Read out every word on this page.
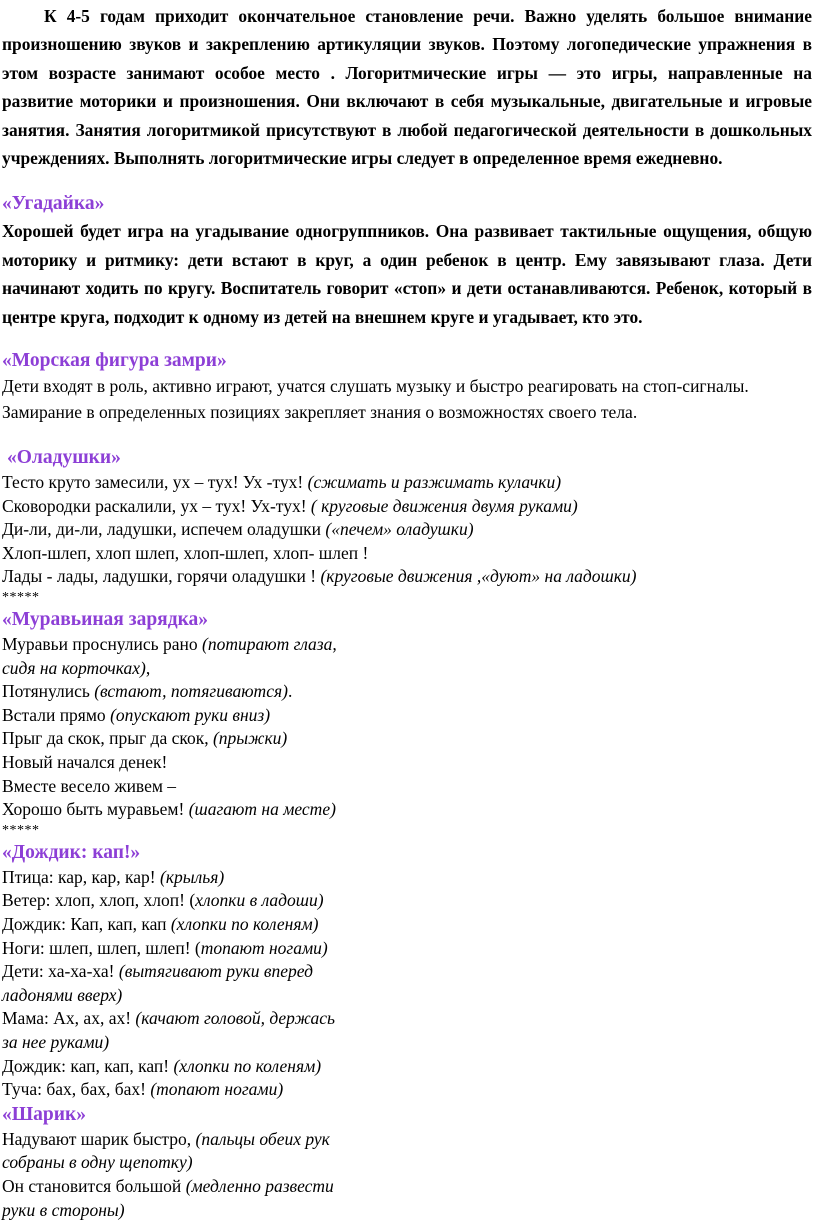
К 4-5 годам приходит окончательное становление речи. Важно уделять большое внимание произношению звуков и закреплению артикуляции звуков. Поэтому логопедические упражнения в этом возрасте занимают особое место . Логоритмические игры — это игры, направленные на развитие моторики и произношения. Они включают в себя музыкальные, двигательные и игровые занятия. Занятия логоритмикой присутствуют в любой педагогической деятельности в дошкольных учреждениях. Выполнять логоритмические игры следует в определенное время ежедневно.

«Угадайка»

Хорошей будет игра на угадывание одногруппников. Она развивает тактильные ощущения, общую моторику и ритмику: дети встают в круг, а один ребенок в центр. Ему завязывают глаза. Дети начинают ходить по кругу. Воспитатель говорит «стоп» и дети останавливаются. Ребенок, который в центре круга, подходит к одному из детей на внешнем круге и угадывает, кто это.

«Морская фигура замри»

Дети входят в роль, активно играют, учатся слушать музыку и быстро реагировать на стоп-сигналы.

Замирание в определенных позициях закрепляет знания о возможностях своего тела.

«Оладушки»

Тесто круто замесили, ух – тух! Ух -тух! (сжимать и разжимать кулачки)

Сковородки раскалили, ух – тух! Ух-тух! ( круговые движения двумя руками)

Ди-ли, ди-ли, ладушки, испечем оладушки («печем» оладушки)

Хлоп-шлеп, хлоп шлеп, хлоп-шлеп, хлоп- шлеп !

Лады - лады, ладушки, горячи оладушки ! (круговые движения ,«дуют» на ладошки)

*****

«Муравьиная зарядка»

Муравьи проснулись рано (потирают глаза,

сидя на корточках),

Потянулись (встают, потягиваются).

Встали прямо (опускают руки вниз)

Прыг да скок, прыг да скок, (прыжки)

Новый начался денек!

Вместе весело живем –

Хорошо быть муравьем! (шагают на месте)

*****

«Дождик: кап!»

Птица: кар, кар, кар! (крылья)

Ветер: хлоп, хлоп, хлоп! (хлопки в ладоши)

Дождик: Кап, кап, кап (хлопки по коленям)

Ноги: шлеп, шлеп, шлеп! (топают ногами)

Дети: ха-ха-ха! (вытягивают руки вперед

ладонями вверх)

Мама: Ах, ах, ах! (качают головой, держась

за нее руками)

Дождик: кап, кап, кап! (хлопки по коленям)

Туча: бах, бах, бах! (топают ногами)

«Шарик»

Надувают шарик быстро, (пальцы обеих рук

собраны в одну щепотку)

Он становится большой (медленно развести

руки в стороны)
